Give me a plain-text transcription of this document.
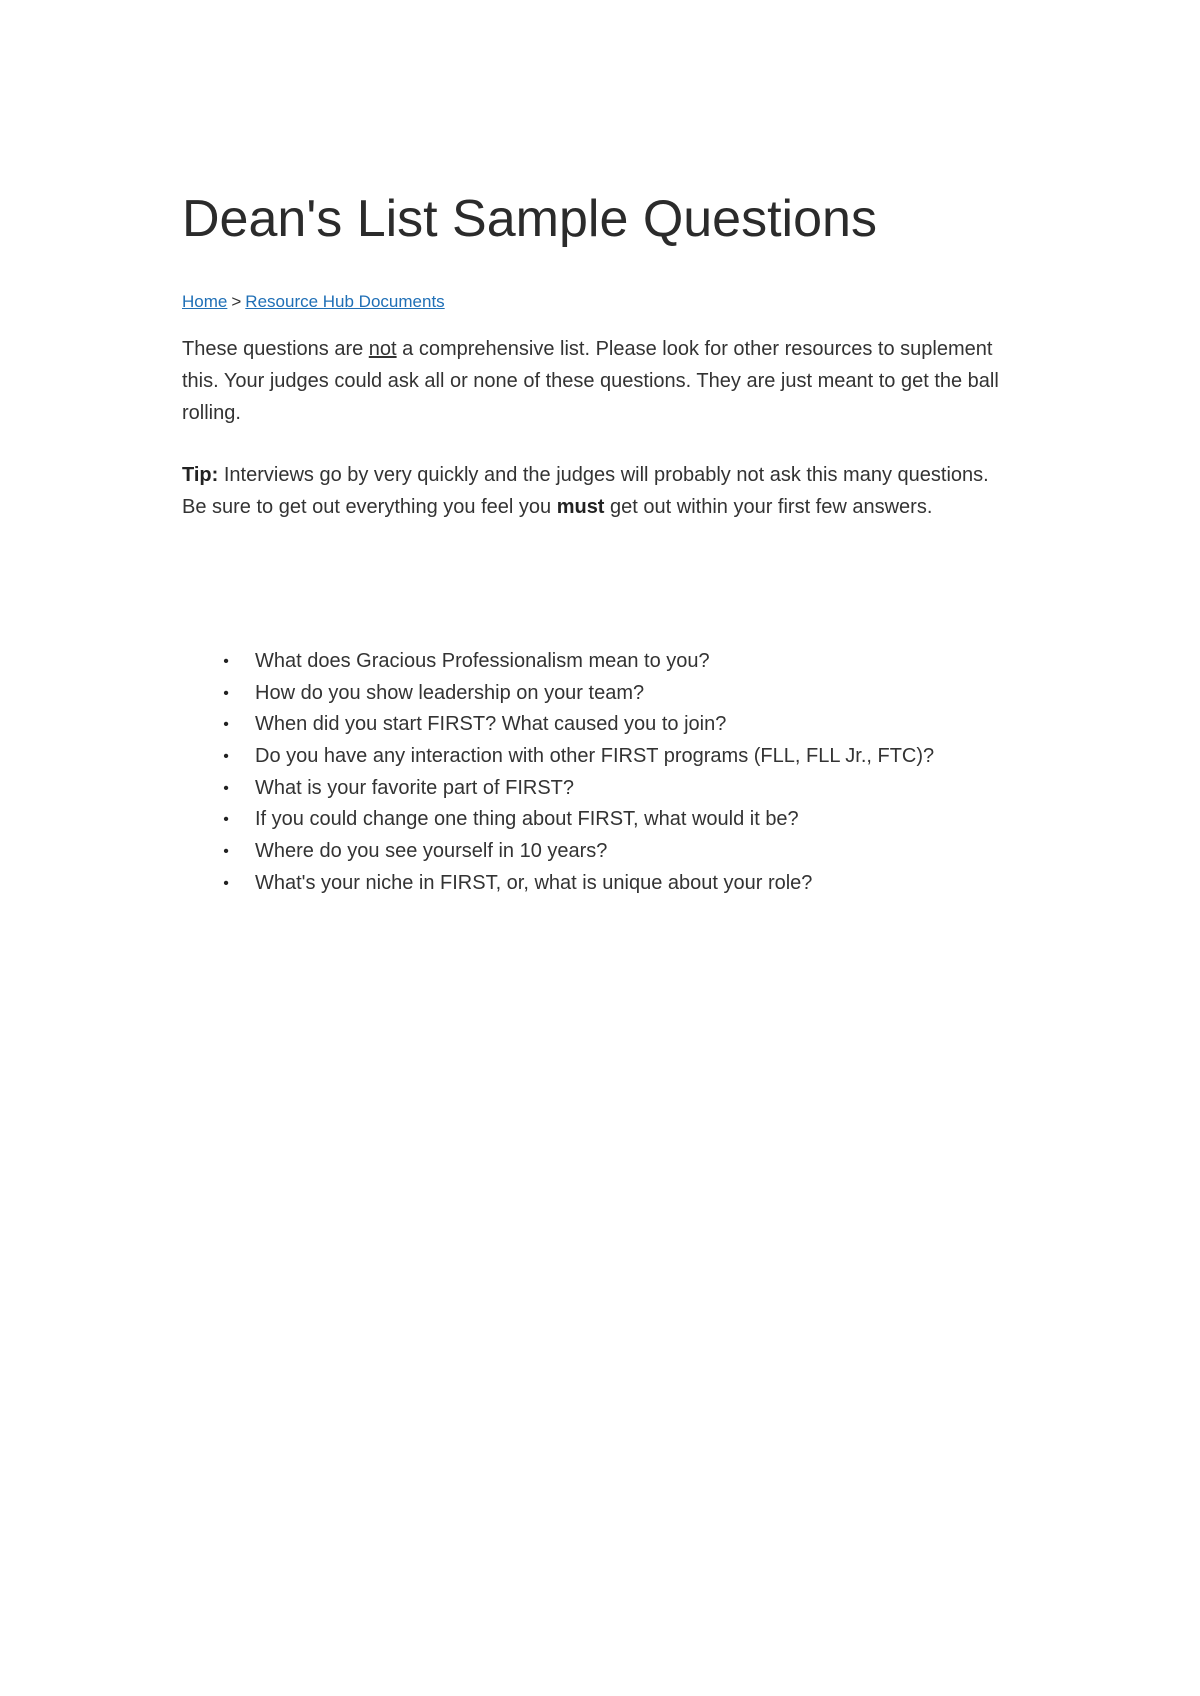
Dean's List Sample Questions
Home > Resource Hub Documents

These questions are not a comprehensive list. Please look for other resources to suplement this. Your judges could ask all or none of these questions. They are just meant to get the ball rolling.

Tip: Interviews go by very quickly and the judges will probably not ask this many questions. Be sure to get out everything you feel you must get out within your first few answers.

• What does Gracious Professionalism mean to you?
• How do you show leadership on your team?
• When did you start FIRST? What caused you to join?
• Do you have any interaction with other FIRST programs (FLL, FLL Jr., FTC)?
• What is your favorite part of FIRST?
• If you could change one thing about FIRST, what would it be?
• Where do you see yourself in 10 years?
• What's your niche in FIRST, or, what is unique about your role?
